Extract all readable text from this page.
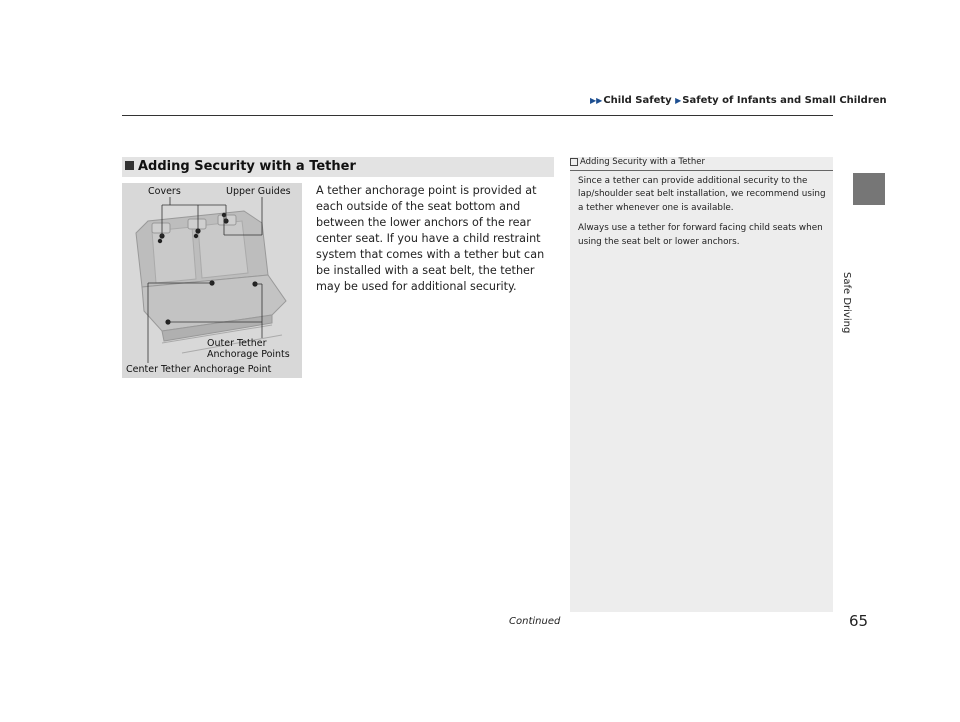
▶▶Child Safety ▶Safety of Infants and Small Children
Safe Driving
Adding Security with a Tether
Covers	Upper Guides
Outer Tether
Anchorage Points
Center Tether Anchorage Point
A tether anchorage point is provided at each outside of the seat bottom and between the lower anchors of the rear center seat. If you have a child restraint system that comes with a tether but can be installed with a seat belt, the tether may be used for additional security.
Adding Security with a Tether

Since a tether can provide additional security to the lap/shoulder seat belt installation, we recommend using a tether whenever one is available.

Always use a tether for forward facing child seats when using the seat belt or lower anchors.

Continued	65
